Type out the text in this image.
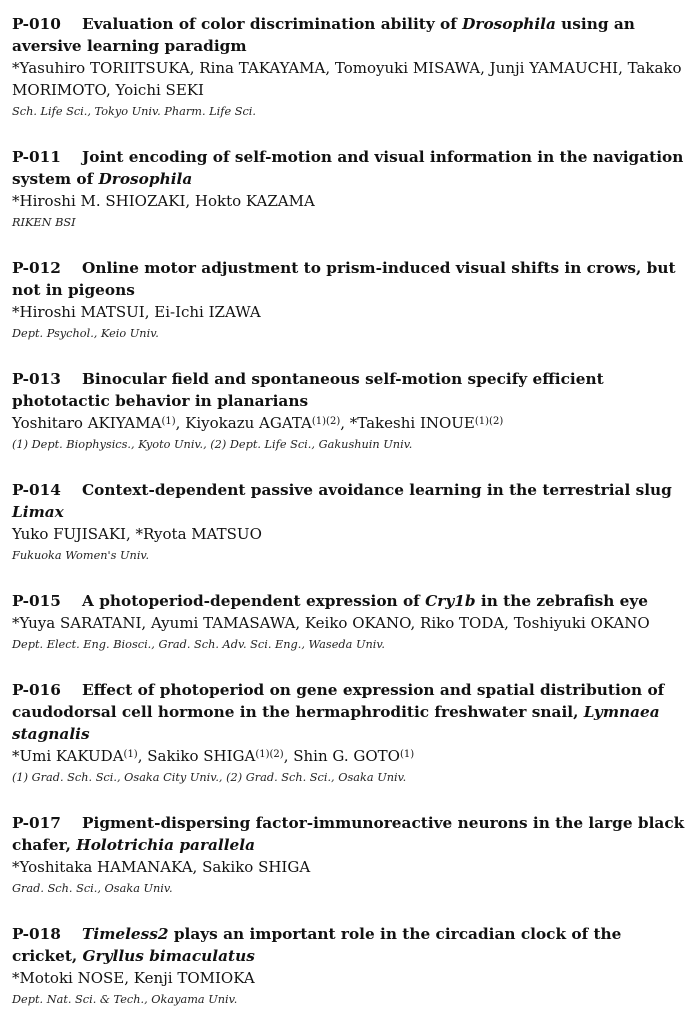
P-010 Evaluation of color discrimination ability of Drosophila using an aversive learning paradigm

*Yasuhiro TORIITSUKA, Rina TAKAYAMA, Tomoyuki MISAWA, Junji YAMAUCHI, Takako MORIMOTO, Yoichi SEKI

Sch. Life Sci., Tokyo Univ. Pharm. Life Sci.

P-011 Joint encoding of self-motion and visual information in the navigation system of Drosophila

*Hiroshi M. SHIOZAKI, Hokto KAZAMA

RIKEN BSI

P-012 Online motor adjustment to prism-induced visual shifts in crows, but not in pigeons

*Hiroshi MATSUI, Ei-Ichi IZAWA

Dept. Psychol., Keio Univ.

P-013 Binocular field and spontaneous self-motion specify efficient phototactic behavior in planarians

Yoshitaro AKIYAMA$^{(1)}$, Kiyokazu $AGATA^{(1)(2)}$, *Takeshi $INOUE^{(1)(2)}$

(1) Dept. Biophysics., Kyoto Univ., (2) Dept. Life Sci., Gakushuin Univ.

P-014 Context-dependent passive avoidance learning in the terrestrial slug Limax

Yuko FUJISAKI, *Ryota MATSUO

Fukuoka Women's Univ.

P-015 A photoperiod-dependent expression of Cry1b in the zebrafish eye

*Yuya SARATANI, Ayumi TAMASAWA, Keiko OKANO, Riko TODA, Toshiyuki OKANO

Dept. Elect. Eng. Biosci., Grad. Sch. Adv. Sci. Eng., Waseda Univ.

P-016 Effect of photoperiod on gene expression and spatial distribution of caudodorsal cell hormone in the hermaphroditic freshwater snail, Lymnaea stagnalis

*Umi KAKUDA$^{(1)}$, Sakiko $SHIGA^{(1)(2)}$, Shin G. GOTO$^{(1)}$

(1) Grad. Sch. Sci., Osaka City Univ., (2) Grad. Sch. Sci., Osaka Univ.

P-017 Pigment-dispersing factor-immunoreactive neurons in the large black chafer, Holotrichia parallela

*Yoshitaka HAMANAKA, Sakiko SHIGA

Grad. Sch. Sci., Osaka Univ.

P-018 Timeless2 plays an important role in the circadian clock of the cricket, Gryllus bimaculatus

*Motoki NOSE, Kenji TOMIOKA

Dept. Nat. Sci. & Tech., Okayama Univ.
